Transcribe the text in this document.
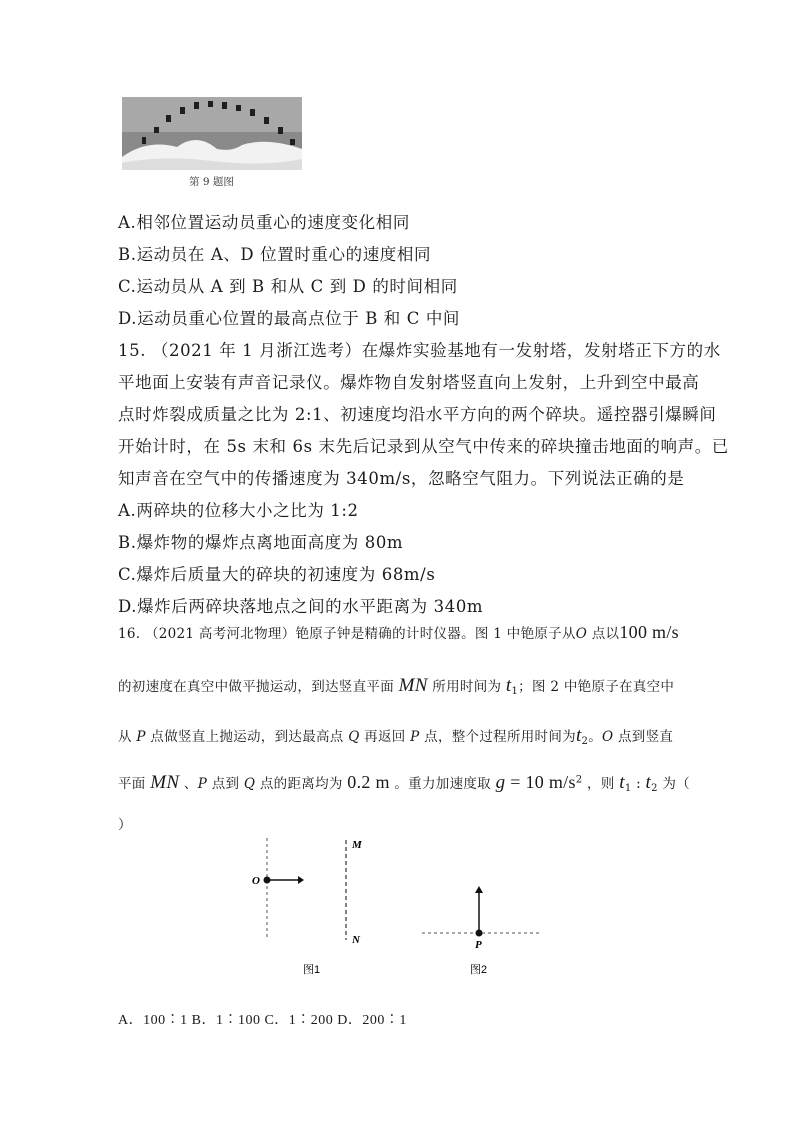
第 9 题图
A.相邻位置运动员重心的速度变化相同
B.运动员在 A、D 位置时重心的速度相同
C.运动员从 A 到 B 和从 C 到 D 的时间相同
D.运动员重心位置的最高点位于 B 和 C 中间
15. （2021 年 1 月浙江选考）在爆炸实验基地有一发射塔，发射塔正下方的水
平地面上安装有声音记录仪。爆炸物自发射塔竖直向上发射，上升到空中最高
点时炸裂成质量之比为 2:1、初速度均沿水平方向的两个碎块。遥控器引爆瞬间
开始计时，在 5s 末和 6s 末先后记录到从空气中传来的碎块撞击地面的响声。已
知声音在空气中的传播速度为 340m/s，忽略空气阻力。下列说法正确的是
A.两碎块的位移大小之比为 1:2
B.爆炸物的爆炸点离地面高度为 80m
C.爆炸后质量大的碎块的初速度为 68m/s
D.爆炸后两碎块落地点之间的水平距离为 340m
16. （2021 高考河北物理）铯原子钟是精确的计时仪器。图 1 中铯原子从O 点以100 m/s
的初速度在真空中做平抛运动，到达竖直平面 MN 所用时间为 $t_1$；图 2 中铯原子在真空中
从 P 点做竖直上抛运动，到达最高点 Q 再返回 P 点，整个过程所用时间为$t_2$。O 点到竖直
平面 MN 、P 点到 Q 点的距离均为 0.2 m 。重力加速度取 g = 10 $m/s^2$ ，则 $t_1$ : $t_2$ 为（
）
O
M
N
图1
P
图2
A．100∶1 B．1∶100 C．1∶200 D．200∶1
